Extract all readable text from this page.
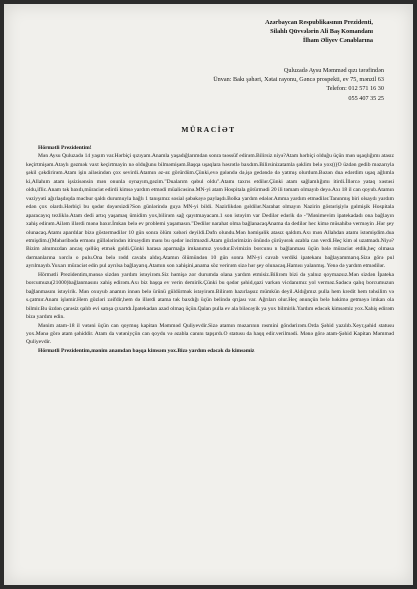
Azərbaycan Respublikasının Prezidenti,
Silahlı Qüvvələrin Ali Baş Komandanı
İlham Əliyev Cənablarına
Quluzadə Aysu Məmməd qızı tərəfindən
Ünvan: Bakı şəhəri, Xətai rayonu, Gəncə prospekti, ev 75, mənzil 63
Telefon: 012 571 16 30
055 407 35 25
MÜRACİƏT
Hörmətli Prezidentim!

Mən Aysu Quluzadə 14 yaşım var.Hərbiçi qızıyam.Anamla yaşadığlarımdan sonra təəssüf edirəm.Bilirsiz niyə?Atam hərbiçi olduğu üçün mən uşaqlığımı atasız keçirtmişəm.Ataylı gəzmək vaxt keçirtmayin nə olduğunu bilməmişəm.Başqa uşaqlara həsrətlə baxdım.Bilirsinizatamla şəklim belə yox(((O üzdən gedib məzarıyla şəkil çəkdirirəm.Atam işin ailəsindən çox sevirdi.Atamın əz-əz görürdüm.Çünki,evə gələndə də,işə gedəndə də yatmış olurdum.Bəzən dua edərdim uşaq ağlımla ki,Allahım atam işsizisənsin mən onunla oynayım,gəzim."Dualarım qəbul oldu".Atamı taxrıs etdilər.Çünki atam sağlamlığımı itirdi.İllərcə yataq xəstəsi oldu,iflic.Anam tək baxdı,müraciət edirdi kimsə yardım etmədi müalicəsinə.MN-yi atam Hospitala götürmədi 20 ili təmam olmayıb deyə.Axı 18 il can qoyub.Atamın vəziyyəti ağırlaşdıqda məcbur qaldı durumuyla bağlı 1 tanışımız sosial şəbəkəyə paylaşdı.Bolka yardım edələr.Amma yardım etmədilər.Tanınmış biri olsaydı yardım edən çox olardı.Hərbiçi bu qədər dəyərsizdi?Son günlərində guya MN-yi bildi. Nazirlikdən gəldilər.Narahat olmayın Nazirin göstərişiylə gəlmişik Hospitala aparacayıq tezliklə.Atam dedi artıq yaşamaq ümidim yox,bilirəm sağ qayıtmayacam.1 son istəyim var Dedilər edərik də -"Mənimevim ipatekadadı ona bağlayın xahiş edirəm.Ailəm illərdi mənə baxır.İmkan belə ev problemi yaşamasın."Dedilər narahat olma bağlanacaqAnama da dedilər hec kimə müsahibə verməyin .Hər şey olunacaq.Atamı apardılar bizə göstərmədilər 10 gün sonra ölüm xəbəri deyildi.Dəfn olundu.Mən həmişəlik atasız qaldım.Axı mən Allahdan atamı istəmişdim.dua etmişdim.((Məhəribədə ermənı güllələrindən itirsəydim mənı bu qədər incitməzdi.Atam gözlərimizin önündə çürüyərək əzabla can verdi.Heç kim əl uzatmadı.Niyə?Bizim alnımızdan ancaq qəllüq etmək gəldi.Çünki harasa aparmağa imkanımız yoxdur.Evimizin borcunu n bağlanması üçün bələ müraciət etdik,heç olmasa dərmanlarına xərclə o pulu.Ona belə rədd cavabı aldıq.Atamın ölümündən 10 gün sonra MN-yi cavab verdiki ipatekanı bağlayammarıq.Sizə görə pul ayrılmayıb.Yuxarı müraciət edin pul ayrılsa bağlayarıq.Atamın son xahişini,anama söz verirəm sizə hər şey olunacaq.Hamısı yalanmış. Yenə də yardım etmədilər.

Hörmətli Prezidentim,mənsə sizdən yardım istəyirəm.Siz həmişə zor durumda olana yardım etmisiz.Bilirəm bizi də yalnız qoymazsız.Mən sizdən İpateka borcumuzu(21000)bağlanmasını xahiş edirəm.Axı biz başqa ev verin demirik.Çünki bu qədər şəhid,qazi varkən vicdanımız yol verməz.Sadəcə qalıq borcumuzun bağlanmasını istəyirik. Mən oxuyub anamın innən belə ürünü güldürmək istəyirəm.Bilirəm hazırlaşsız mümkün deyil.Aldığımız pulla hem kredit hem təhsilim və s.çatmır.Anam işləmir.Hem gözləri zəifdir,hem də illərdi atama tək baxdığı üçün belində qrıjası var. Ağrıları olur.Heç ənunçün belə həkimə getməyə imkan ola bilmir.Bu üzdən çarəsiz qalıb evi satışa çıxartdı.İpatekadan azad olmaq üçün.Qalan pulla ev ala biləcəyik ya yox bilmirik.Yardım edəcək kimsəmiz yox.Xahiş edirəm bizə yardım edin.

Mənim atam-18 il vətəni üçün can qoymuş kapitan Məmməd Quliyevdir.Sizə atamın məzarının rəsmini göndərirəm.Orda Şəhid yazılıb.Xeyr,şəhid statusu yox.Mənə görə atam şəhiddir. Atam da vətəniyçün can qoydu və əzabla canını tapşırdı.O statusu da haqq edir.verilmədi. Mənə görə atam-Şəhid Kapitan Məmməd Quliyevdir.

Hörmətli Prezidentim,mənim anamdan başqa kimsəm yox.Bizə yardım edəcək də kimsəmiz
